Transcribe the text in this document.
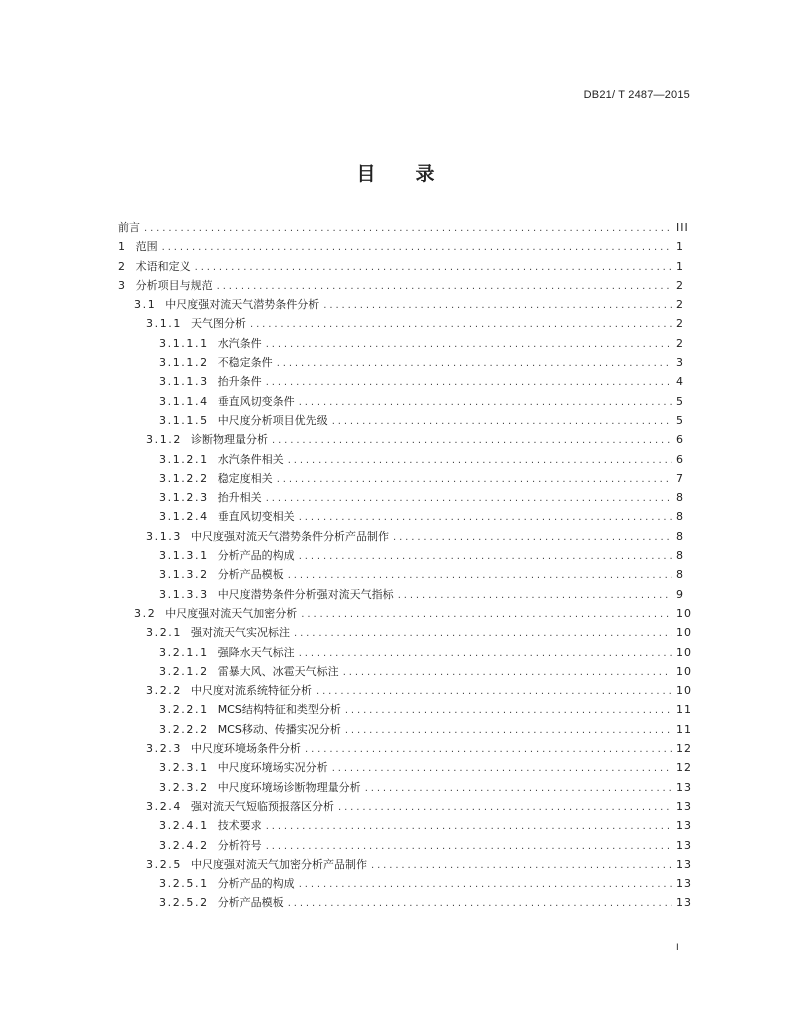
DB21/ T 2487—2015
目 录
前言 .....	III
1 范围 .....	1
2 术语和定义 .....	1
3 分析项目与规范 .....	2
3.1 中尺度强对流天气潜势条件分析 .....	2
3.1.1 天气图分析 .....	2
3.1.1.1 水汽条件 .....	2
3.1.1.2 不稳定条件 .....	3
3.1.1.3 抬升条件 .....	4
3.1.1.4 垂直风切变条件 .....	5
3.1.1.5 中尺度分析项目优先级 .....	5
3.1.2 诊断物理量分析 .....	6
3.1.2.1 水汽条件相关 .....	6
3.1.2.2 稳定度相关 .....	7
3.1.2.3 抬升相关 .....	8
3.1.2.4 垂直风切变相关 .....	8
3.1.3 中尺度强对流天气潜势条件分析产品制作 .....	8
3.1.3.1 分析产品的构成 .....	8
3.1.3.2 分析产品模板 .....	8
3.1.3.3 中尺度潜势条件分析强对流天气指标 .....	9
3.2 中尺度强对流天气加密分析 .....	10
3.2.1 强对流天气实况标注 .....	10
3.2.1.1 强降水天气标注 .....	10
3.2.1.2 雷暴大风、冰雹天气标注 .....	10
3.2.2 中尺度对流系统特征分析 .....	10
3.2.2.1 MCS结构特征和类型分析 .....	11
3.2.2.2 MCS移动、传播实况分析 .....	11
3.2.3 中尺度环境场条件分析 .....	12
3.2.3.1 中尺度环境场实况分析 .....	12
3.2.3.2 中尺度环境场诊断物理量分析 .....	13
3.2.4 强对流天气短临预报落区分析 .....	13
3.2.4.1 技术要求 .....	13
3.2.4.2 分析符号 .....	13
3.2.5 中尺度强对流天气加密分析产品制作 .....	13
3.2.5.1 分析产品的构成 .....	13
3.2.5.2 分析产品模板 .....	13
I
